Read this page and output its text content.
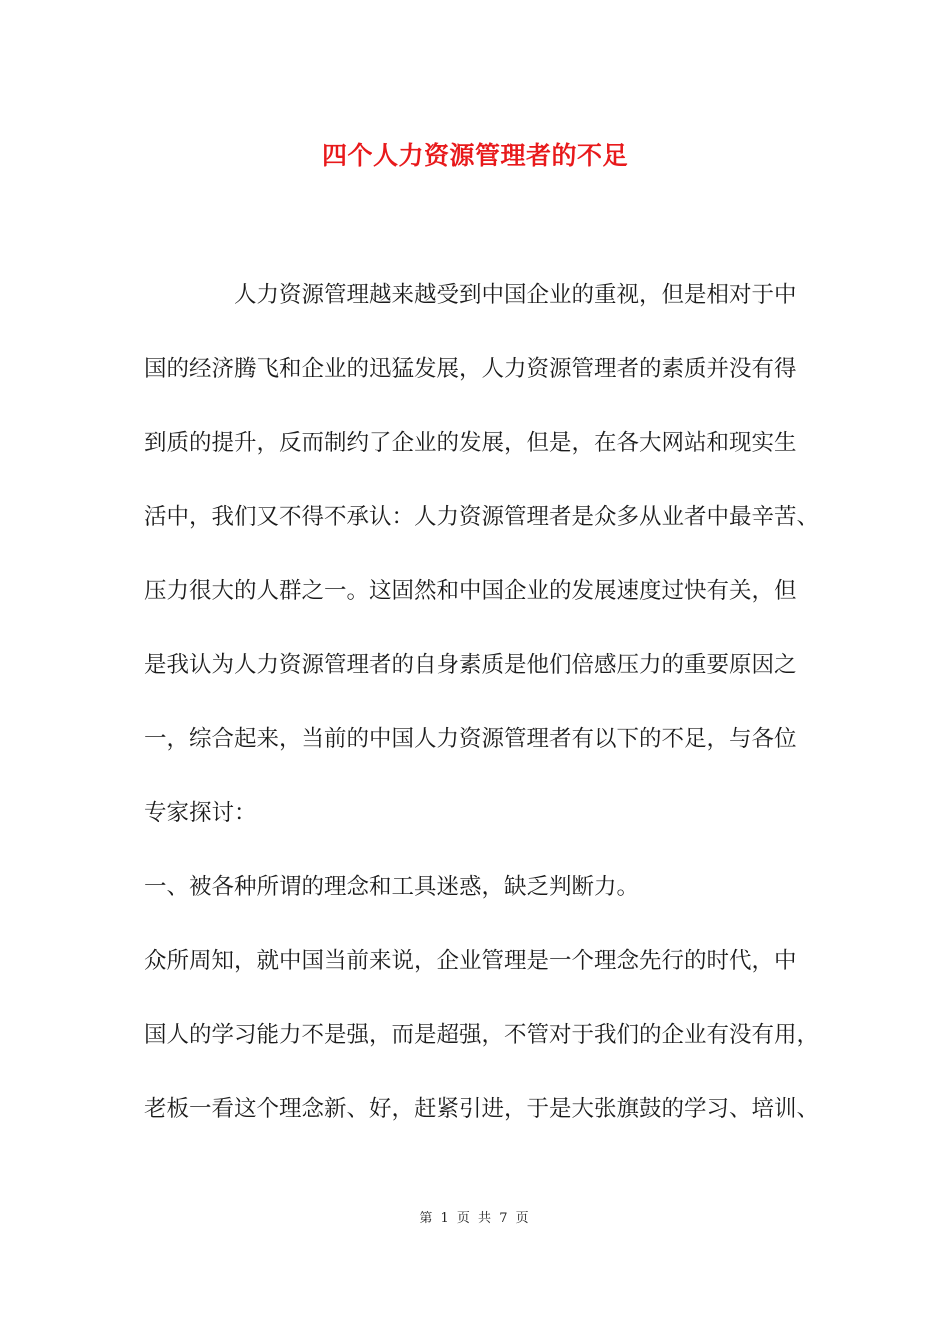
四个人力资源管理者的不足
人力资源管理越来越受到中国企业的重视，但是相对于中
国的经济腾飞和企业的迅猛发展，人力资源管理者的素质并没有得
到质的提升，反而制约了企业的发展，但是，在各大网站和现实生
活中，我们又不得不承认：人力资源管理者是众多从业者中最辛苦、
压力很大的人群之一。这固然和中国企业的发展速度过快有关，但
是我认为人力资源管理者的自身素质是他们倍感压力的重要原因之
一，综合起来，当前的中国人力资源管理者有以下的不足，与各位
专家探讨：
一、被各种所谓的理念和工具迷惑，缺乏判断力。
众所周知，就中国当前来说，企业管理是一个理念先行的时代，中
国人的学习能力不是强，而是超强，不管对于我们的企业有没有用，
老板一看这个理念新、好，赶紧引进，于是大张旗鼓的学习、培训、
第 1 页 共 7 页
